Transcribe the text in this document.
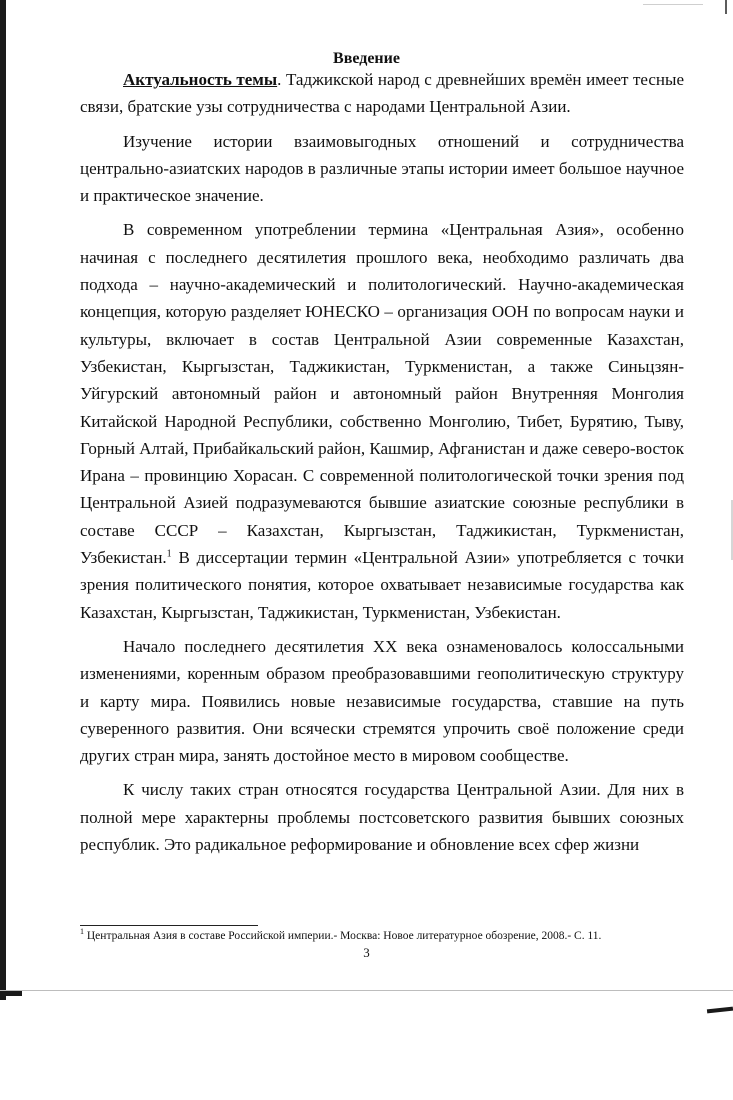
Введение

Актуальность темы. Таджикской народ с древнейших времён имеет тесные связи, братские узы сотрудничества с народами Центральной Азии.

Изучение истории взаимовыгодных отношений и сотрудничества центрально-азиатских народов в различные этапы истории имеет большое научное и практическое значение.

В современном употреблении термина «Центральная Азия», особенно начиная с последнего десятилетия прошлого века, необходимо различать два подхода – научно-академический и политологический. Научно-академическая концепция, которую разделяет ЮНЕСКО – организация ООН по вопросам науки и культуры, включает в состав Центральной Азии современные Казахстан, Узбекистан, Кыргызстан, Таджикистан, Туркменистан, а также Синьцзян-Уйгурский автономный район и автономный район Внутренняя Монголия Китайской Народной Республики, собственно Монголию, Тибет, Бурятию, Тыву, Горный Алтай, Прибайкальский район, Кашмир, Афганистан и даже северо-восток Ирана – провинцию Хорасан. С современной политологической точки зрения под Центральной Азией подразумеваются бывшие азиатские союзные республики в составе СССР – Казахстан, Кыргызстан, Таджикистан, Туркменистан, Узбекистан.$^1$ В диссертации термин «Центральной Азии» употребляется с точки зрения политического понятия, которое охватывает независимые государства как Казахстан, Кыргызстан, Таджикистан, Туркменистан, Узбекистан.

Начало последнего десятилетия XX века ознаменовалось колоссальными изменениями, коренным образом преобразовавшими геополитическую структуру и карту мира. Появились новые независимые государства, ставшие на путь суверенного развития. Они всячески стремятся упрочить своё положение среди других стран мира, занять достойное место в мировом сообществе.

К числу таких стран относятся государства Центральной Азии. Для них в полной мере характерны проблемы постсоветского развития бывших союзных республик. Это радикальное реформирование и обновление всех сфер жизни

$^1$ Центральная Азия в составе Российской империи.- Москва: Новое литературное обозрение, 2008.- С. 11.

3
